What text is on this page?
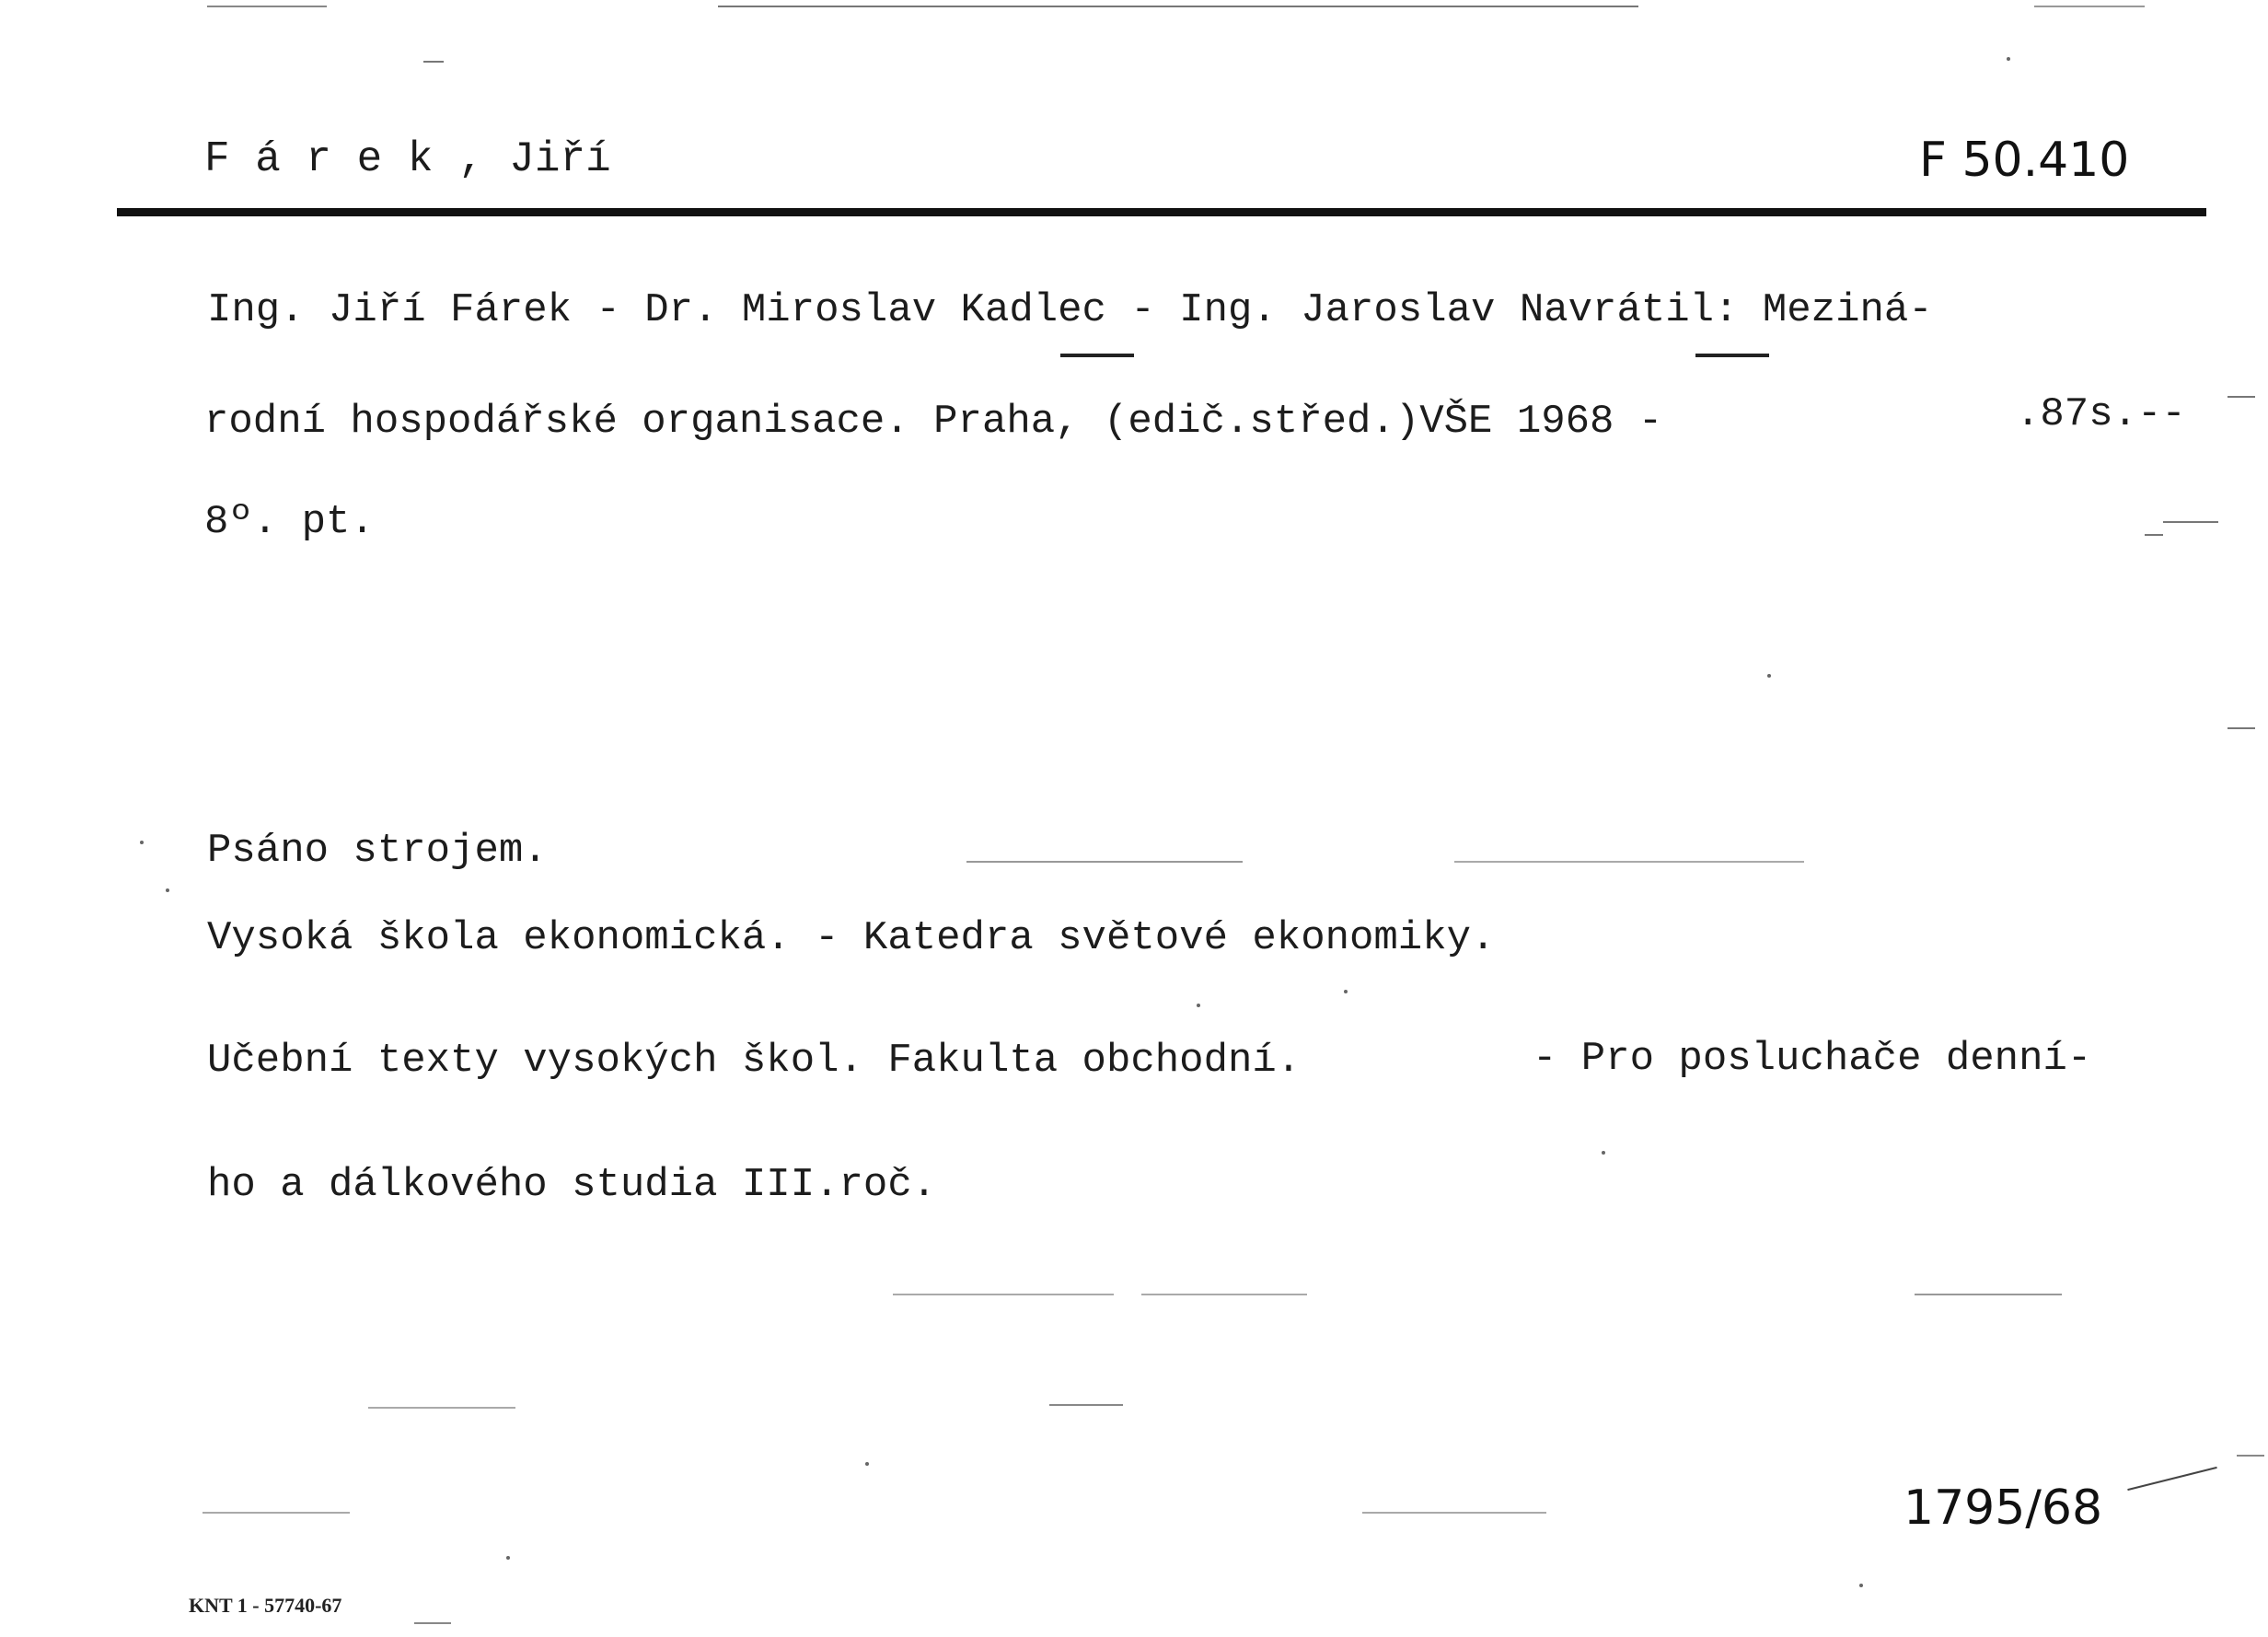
F á r e k , Jiří	F 50.410
Ing. Jiří Fárek - Dr. Miroslav Kadlec - Ing. Jaroslav Navrátil: Meziná-
rodní hospodářské organisace. Praha, (edič.střed.)VŠE 1968 -	.87s.--
8º. pt.
Psáno strojem.
Vysoká škola ekonomická. - Katedra světové ekonomiky.
Učební texty vysokých škol. Fakulta obchodní.	- Pro posluchače denní-
ho a dálkového studia III.roč.
1795/68
KNT 1 - 57740-67
